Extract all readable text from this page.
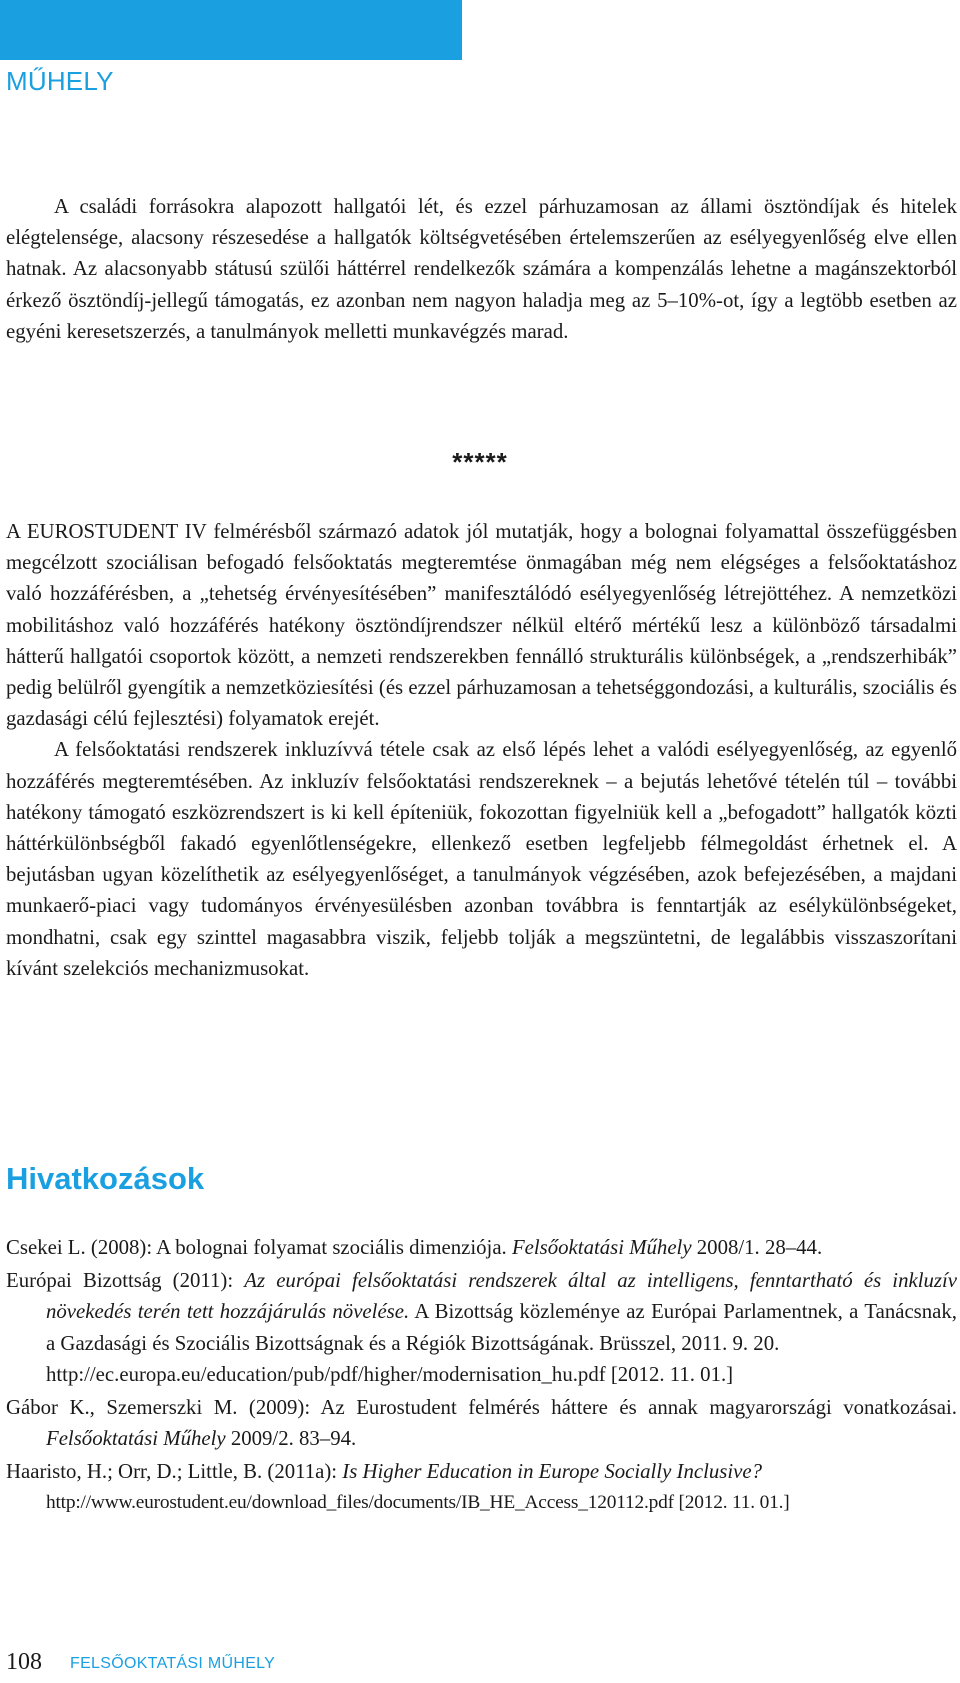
MŰHELY

A családi forrásokra alapozott hallgatói lét, és ezzel párhuzamosan az állami ösztöndíjak és hitelek elégtelensége, alacsony részesedése a hallgatók költségvetésében értelemszerűen az esélyegyenlőség elve ellen hatnak. Az alacsonyabb státusú szülői háttérrel rendelkezők számára a kompenzálás lehetne a magánszektorból érkező ösztöndíj-jellegű támogatás, ez azonban nem nagyon haladja meg az 5–10%-ot, így a legtöbb esetben az egyéni keresetszerzés, a tanulmányok melletti munkavégzés marad.

*****

A EUROSTUDENT IV felmérésből származó adatok jól mutatják, hogy a bolognai folyamattal összefüggésben megcélzott szociálisan befogadó felsőoktatás megteremtése önmagában még nem elégséges a felsőoktatáshoz való hozzáférésben, a „tehetség érvényesítésében” manifesztálódó esélyegyenlőség létrejöttéhez. A nemzetközi mobilitáshoz való hozzáférés hatékony ösztöndíjrendszer nélkül eltérő mértékű lesz a különböző társadalmi hátterű hallgatói csoportok között, a nemzeti rendszerekben fennálló strukturális különbségek, a „rendszerhibák” pedig belülről gyengítik a nemzetköziesítési (és ezzel párhuzamosan a tehetséggondozási, a kulturális, szociális és gazdasági célú fejlesztési) folyamatok erejét.

A felsőoktatási rendszerek inkluzívvá tétele csak az első lépés lehet a valódi esélyegyenlőség, az egyenlő hozzáférés megteremtésében. Az inkluzív felsőoktatási rendszereknek – a bejutás lehetővé tételén túl – további hatékony támogató eszközrendszert is ki kell építeniük, fokozottan figyelniük kell a „befogadott” hallgatók közti háttérkülönbségből fakadó egyenlőtlenségekre, ellenkező esetben legfeljebb félmegoldást érhetnek el. A bejutásban ugyan közelíthetik az esélyegyenlőséget, a tanulmányok végzésében, azok befejezésében, a majdani munkaerő-piaci vagy tudományos érvényesülésben azonban továbbra is fenntartják az esélykülönbségeket, mondhatni, csak egy szinttel magasabbra viszik, feljebb tolják a megszüntetni, de legalábbis visszaszorítani kívánt szelekciós mechanizmusokat.

Hivatkozások

Csekei L. (2008): A bolognai folyamat szociális dimenziója. Felsőoktatási Műhely 2008/1. 28–44.

Európai Bizottság (2011): Az európai felsőoktatási rendszerek által az intelligens, fenntartható és inkluzív növekedés terén tett hozzájárulás növelése. A Bizottság közleménye az Európai Parlamentnek, a Tanácsnak, a Gazdasági és Szociális Bizottságnak és a Régiók Bizottságának. Brüsszel, 2011. 9. 20.
http://ec.europa.eu/education/pub/pdf/higher/modernisation_hu.pdf [2012. 11. 01.]

Gábor K., Szemerszki M. (2009): Az Eurostudent felmérés háttere és annak magyarországi vonatkozásai. Felsőoktatási Műhely 2009/2. 83–94.

Haaristo, H.; Orr, D.; Little, B. (2011a): Is Higher Education in Europe Socially Inclusive?
http://www.eurostudent.eu/download_files/documents/IB_HE_Access_120112.pdf [2012. 11. 01.]

108 FELSŐOKTATÁSI MŰHELY
